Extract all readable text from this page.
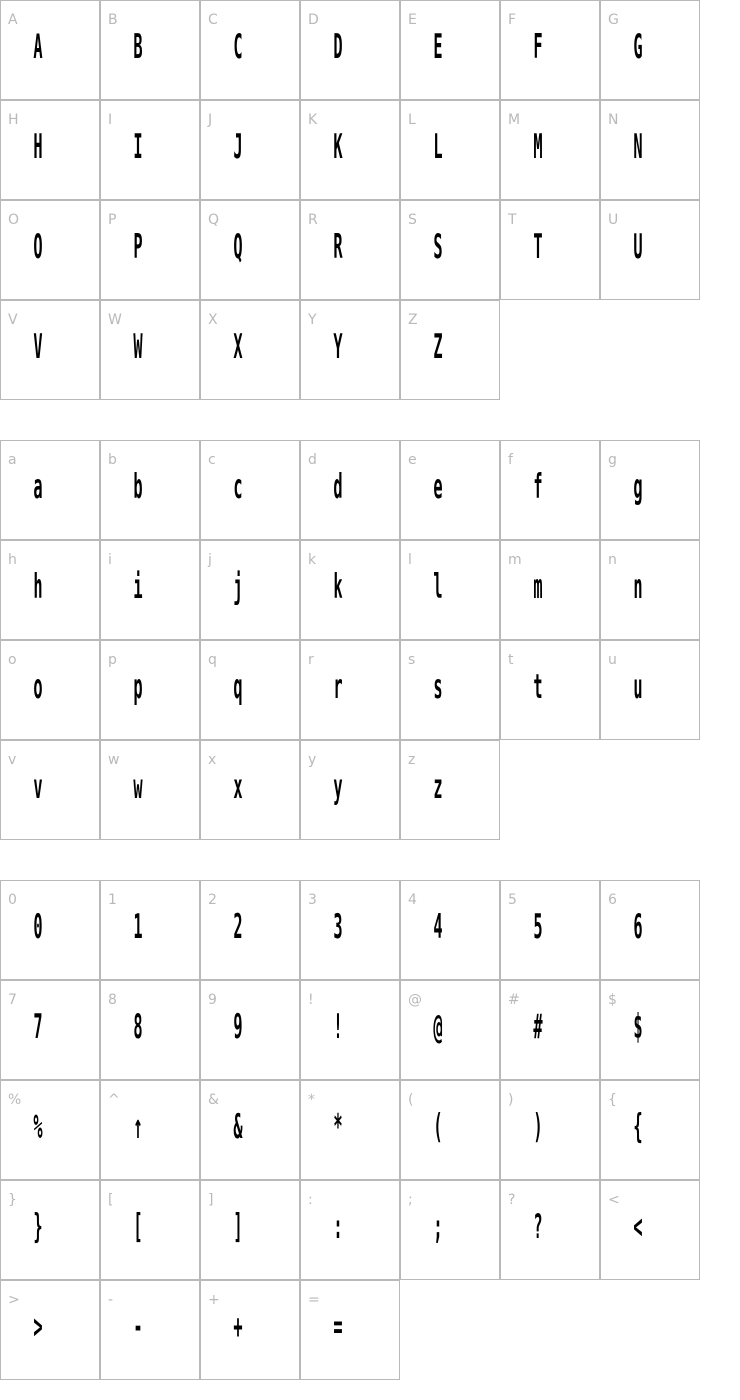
A
A
B
B
C
C
D
D
E
E
F
F
G
G
H
H
I
I
J
J
K
K
L
L
M
M
N
N
O
O
P
P
Q
Q
R
R
S
S
T
T
U
U
V
V
W
W
X
X
Y
Y
Z
Z
a
a
b
b
c
c
d
d
e
e
f
f
g
g
h
h
i
i
j
j
k
k
l
l
m
m
n
n
o
o
p
p
q
q
r
r
s
s
t
t
u
u
v
v
w
w
x
x
y
y
z
z
0
0
1
1
2
2
3
3
4
4
5
5
6
6
7
7
8
8
9
9
!
!
@
@
#
#
$
$
%
%
^
↑
&
&
*
*
(
(
)
)
{
{
}
}
[
[
]
]
:
:
;
;
?
?
<
<
>
>
-
-
+
+
=
=
